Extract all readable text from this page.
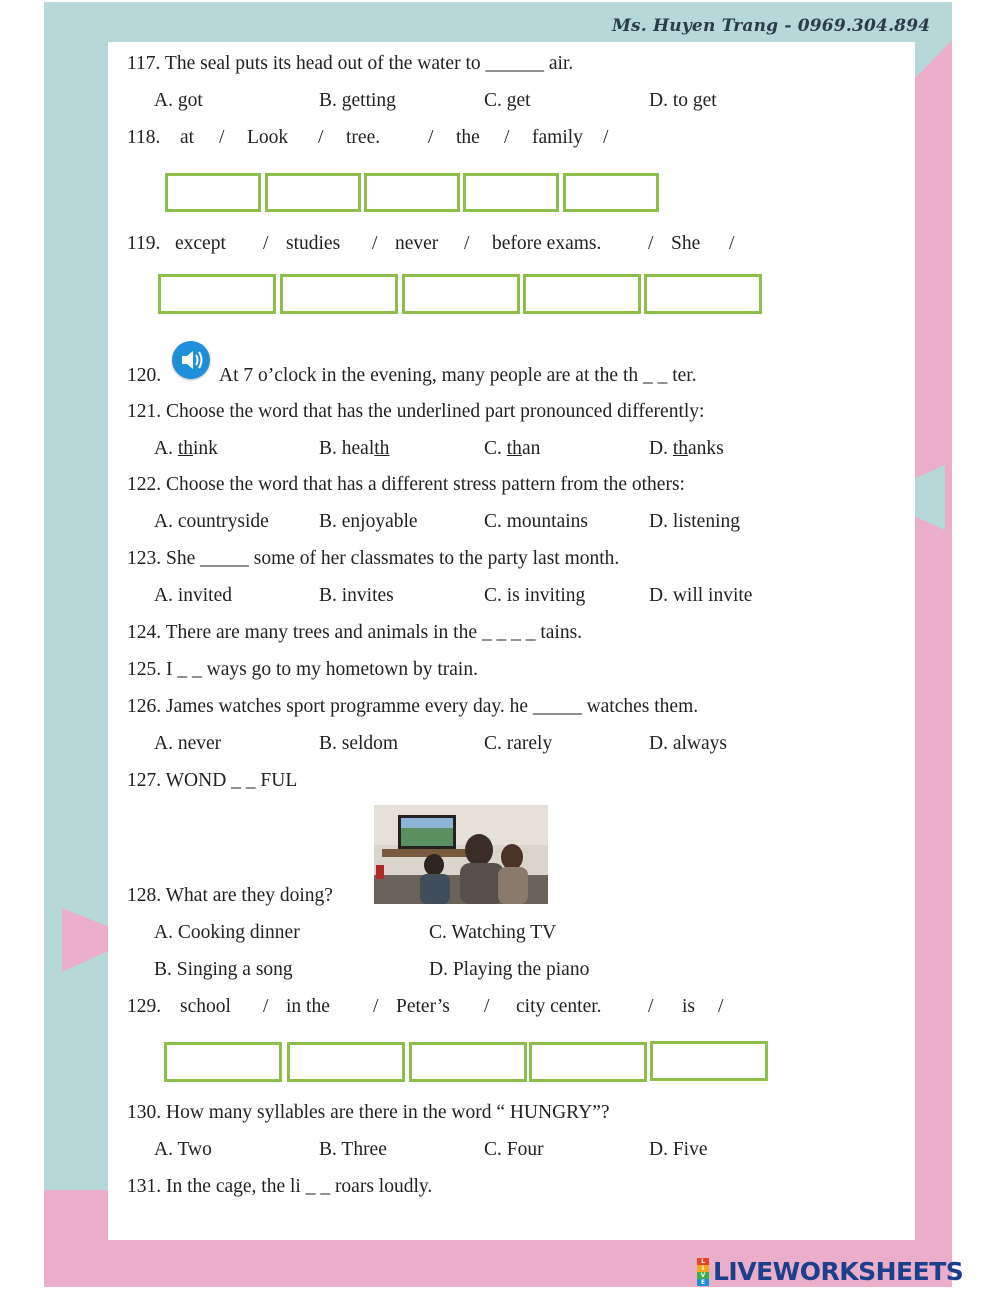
Ms. Huyen Trang - 0969.304.894
117. The seal puts its head out of the water to ______ air.
A. got	B. getting	C. get	D. to get
118. at / Look / tree. / the / family /
119. except / studies / never / before exams. / She /
120.	At 7 o’clock in the evening, many people are at the th _ _ ter.
121. Choose the word that has the underlined part pronounced differently:
A. think	B. health	C. than	D. thanks
122. Choose the word that has a different stress pattern from the others:
A. countryside	B. enjoyable	C. mountains	D. listening
123. She _____ some of her classmates to the party last month.
A. invited	B. invites	C. is inviting	D. will invite
124. There are many trees and animals in the _ _ _ _ tains.
125. I _ _ ways go to my hometown by train.
126. James watches sport programme every day. he _____ watches them.
A. never	B. seldom	C. rarely	D. always
127. WOND _ _ FUL
128. What are they doing?
A. Cooking dinner	C. Watching TV
B. Singing a song	D. Playing the piano
129. school / in the / Peter’s / city center. / is /
130. How many syllables are there in the word “ HUNGRY”?
A. Two	B. Three	C. Four	D. Five
131. In the cage, the li _ _ roars loudly.
L
I
V
E LIVEWORKSHEETS
